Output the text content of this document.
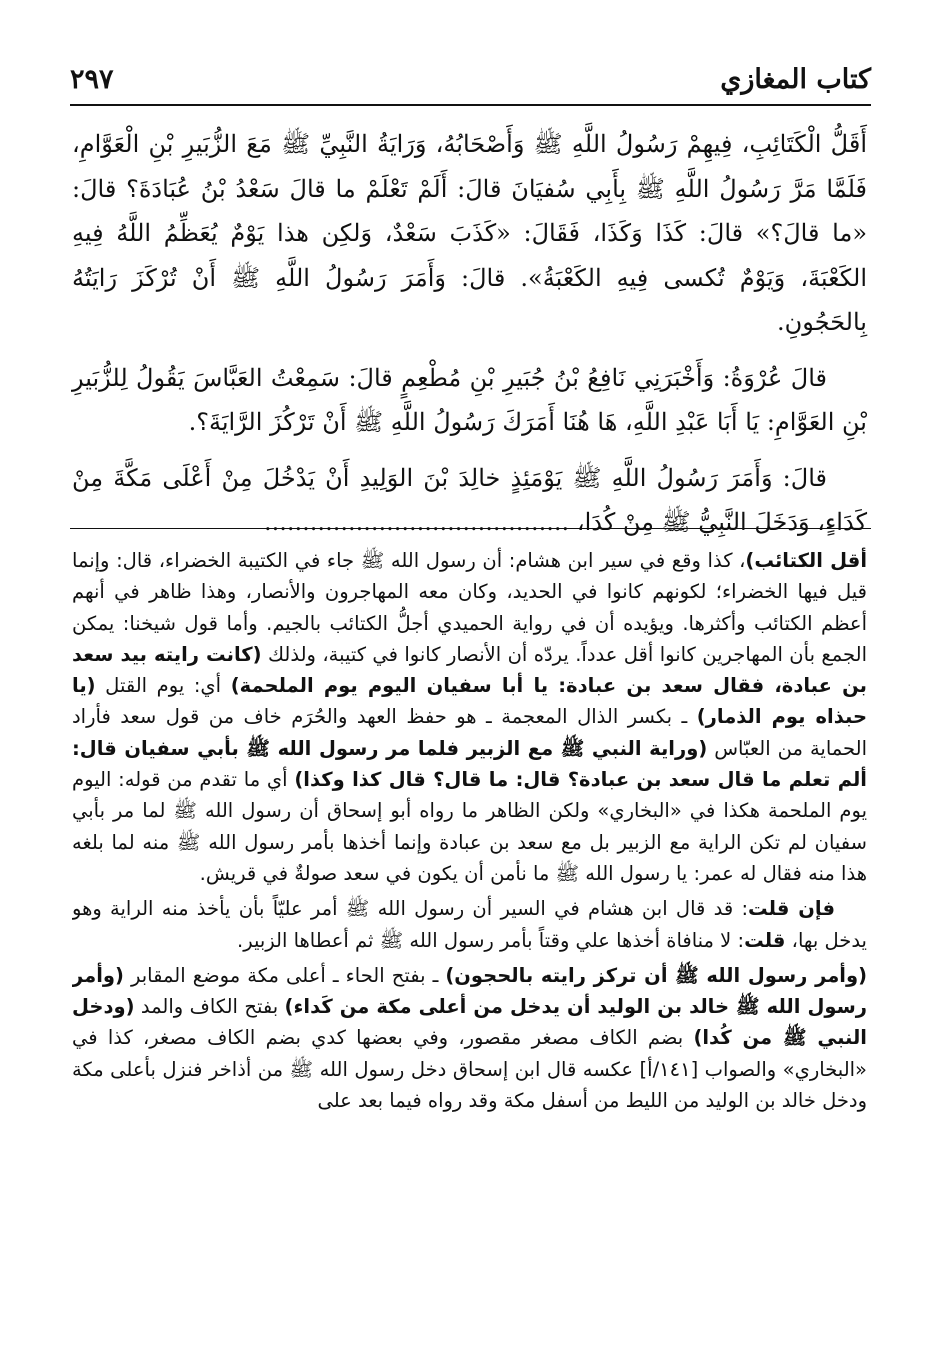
كتاب المغازي
٢٩٧

أَقَلُّ الْكَتَائِبِ، فِيهِمْ رَسُولُ اللَّهِ ﷺ وَأَصْحَابُهُ، وَرَايَةُ النَّبِيِّ ﷺ مَعَ الزُّبَيرِ بْنِ الْعَوَّامِ، فَلَمَّا مَرَّ رَسُولُ اللَّهِ ﷺ بِأَبِي سُفيَانَ قالَ: أَلَمْ تَعْلَمْ ما قالَ سَعْدُ بْنُ عُبَادَةَ؟ قالَ: «ما قالَ؟» قالَ: كَذَا وَكَذَا، فَقَالَ: «كَذَبَ سَعْدٌ، وَلكِن هذا يَوْمٌ يُعَظِّمُ اللَّهُ فِيهِ الكَعْبَةَ، وَيَوْمٌ تُكسى فِيهِ الكَعْبَةُ». قالَ: وَأَمَرَ رَسُولُ اللَّهِ ﷺ أَنْ تُرْكَزَ رَايَتُهُ بِالحَجُونِ.

قالَ عُرْوَةُ: وَأَخْبَرَنِي نَافِعُ بْنُ جُبَيرِ بْنِ مُطْعِمٍ قالَ: سَمِعْتُ العَبَّاسَ يَقُولُ لِلزُّبَيرِ بْنِ العَوَّامِ: يَا أَبَا عَبْدِ اللَّهِ، هَا هُنَا أَمَرَكَ رَسُولُ اللَّهِ ﷺ أَنْ تَرْكُزَ الرَّايَةَ؟.

قالَ: وَأَمَرَ رَسُولُ اللَّهِ ﷺ يَوْمَئِذٍ خالِدَ بْنَ الوَلِيدِ أَنْ يَدْخُلَ مِنْ أَعْلَى مَكَّةَ مِنْ كَدَاءٍ، وَدَخَلَ النَّبِيُّ ﷺ مِنْ كُدَا، ........................................

أقل الكتائب)، كذا وقع في سير ابن هشام: أن رسول الله ﷺ جاء في الكتيبة الخضراء، قال: وإنما قيل فيها الخضراء؛ لكونهم كانوا في الحديد، وكان معه المهاجرون والأنصار، وهذا ظاهر في أنهم أعظم الكتائب وأكثرها. ويؤيده أن في رواية الحميدي أجلُّ الكتائب بالجيم. وأما قول شيخنا: يمكن الجمع بأن المهاجرين كانوا أقل عدداً. يردّه أن الأنصار كانوا في كتيبة، ولذلك (كانت رايته بيد سعد بن عبادة، فقال سعد بن عبادة: يا أبا سفيان اليوم يوم الملحمة) أي: يوم القتل (يا حبذاه يوم الذمار) ـ بكسر الذال المعجمة ـ هو حفظ العهد والحُرَم خاف من قول سعد فأراد الحماية من العبّاس (وراية النبي ﷺ مع الزبير فلما مر رسول الله ﷺ بأبي سفيان قال: ألم تعلم ما قال سعد بن عبادة؟ قال: ما قال؟ قال كذا وكذا) أي ما تقدم من قوله: اليوم يوم الملحمة هكذا في «البخاري» ولكن الظاهر ما رواه أبو إسحاق أن رسول الله ﷺ لما مر بأبي سفيان لم تكن الراية مع الزبير بل مع سعد بن عبادة وإنما أخذها بأمر رسول الله ﷺ منه لما بلغه هذا منه فقال له عمر: يا رسول الله ﷺ ما نأمن أن يكون في سعد صولةٌ في قريش.

فإن قلت: قد قال ابن هشام في السير أن رسول الله ﷺ أمر عليّاً بأن يأخذ منه الراية وهو يدخل بها، قلت: لا منافاة أخذها علي وقتاً بأمر رسول الله ﷺ ثم أعطاها الزبير.

(وأمر رسول الله ﷺ أن تركز رايته بالحجون) ـ بفتح الحاء ـ أعلى مكة موضع المقابر (وأمر رسول الله ﷺ خالد بن الوليد أن يدخل من أعلى مكة من كَداء) بفتح الكاف والمد (ودخل النبي ﷺ من كُدا) بضم الكاف مصغر مقصور، وفي بعضها كدي بضم الكاف مصغر، كذا في «البخاري» والصواب [١٤١/أ] عكسه قال ابن إسحاق دخل رسول الله ﷺ من أذاخر فنزل بأعلى مكة ودخل خالد بن الوليد من الليط من أسفل مكة وقد رواه فيما بعد على
